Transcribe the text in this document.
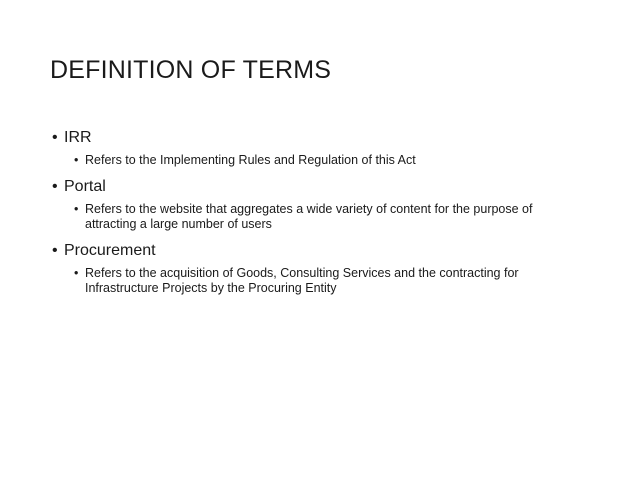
DEFINITION OF TERMS
• IRR
• Refers to the Implementing Rules and Regulation of this Act
• Portal
• Refers to the website that aggregates a wide variety of content for the purpose of attracting a large number of users
• Procurement
• Refers to the acquisition of Goods, Consulting Services and the contracting for Infrastructure Projects by the Procuring Entity
